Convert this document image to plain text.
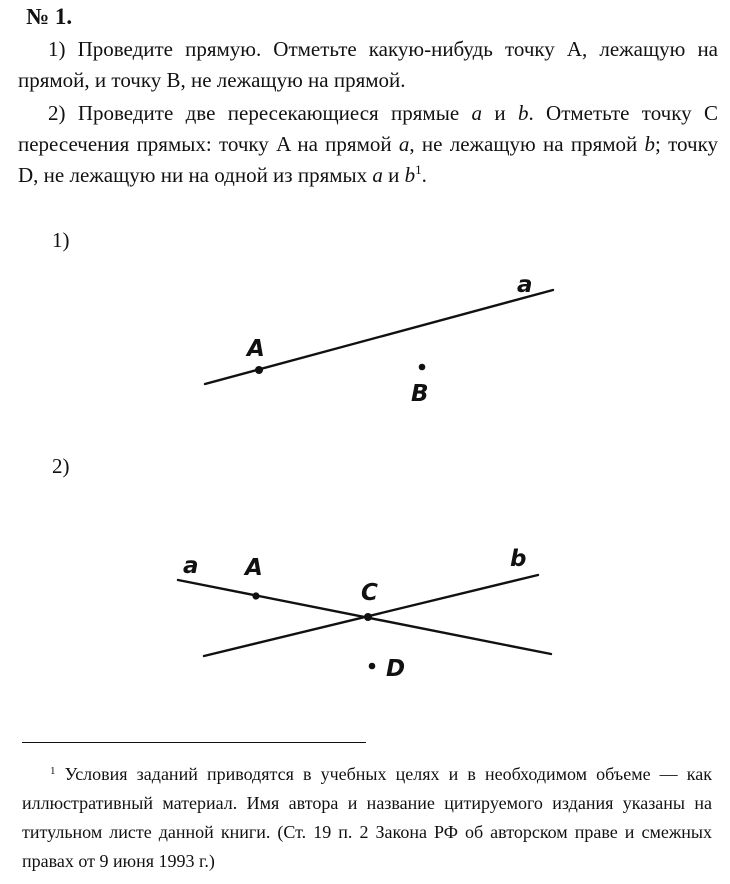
№ 1.

1) Проведите прямую. Отметьте какую-нибудь точку A, лежащую на прямой, и точку B, не лежащую на прямой.

2) Проведите две пересекающиеся прямые a и b. Отметьте точку C пересечения прямых: точку A на прямой a, не лежащую на прямой b; точку D, не лежащую ни на одной из прямых a и $b^1$.

1)
2)
a
A
B
a	b
A
C
D

$^1$ Условия заданий приводятся в учебных целях и в необходимом объеме — как иллюстративный материал. Имя автора и название цитируемого издания указаны на титульном листе данной книги. (Ст. 19 п. 2 Закона РФ об авторском праве и смежных правах от 9 июня 1993 г.)
